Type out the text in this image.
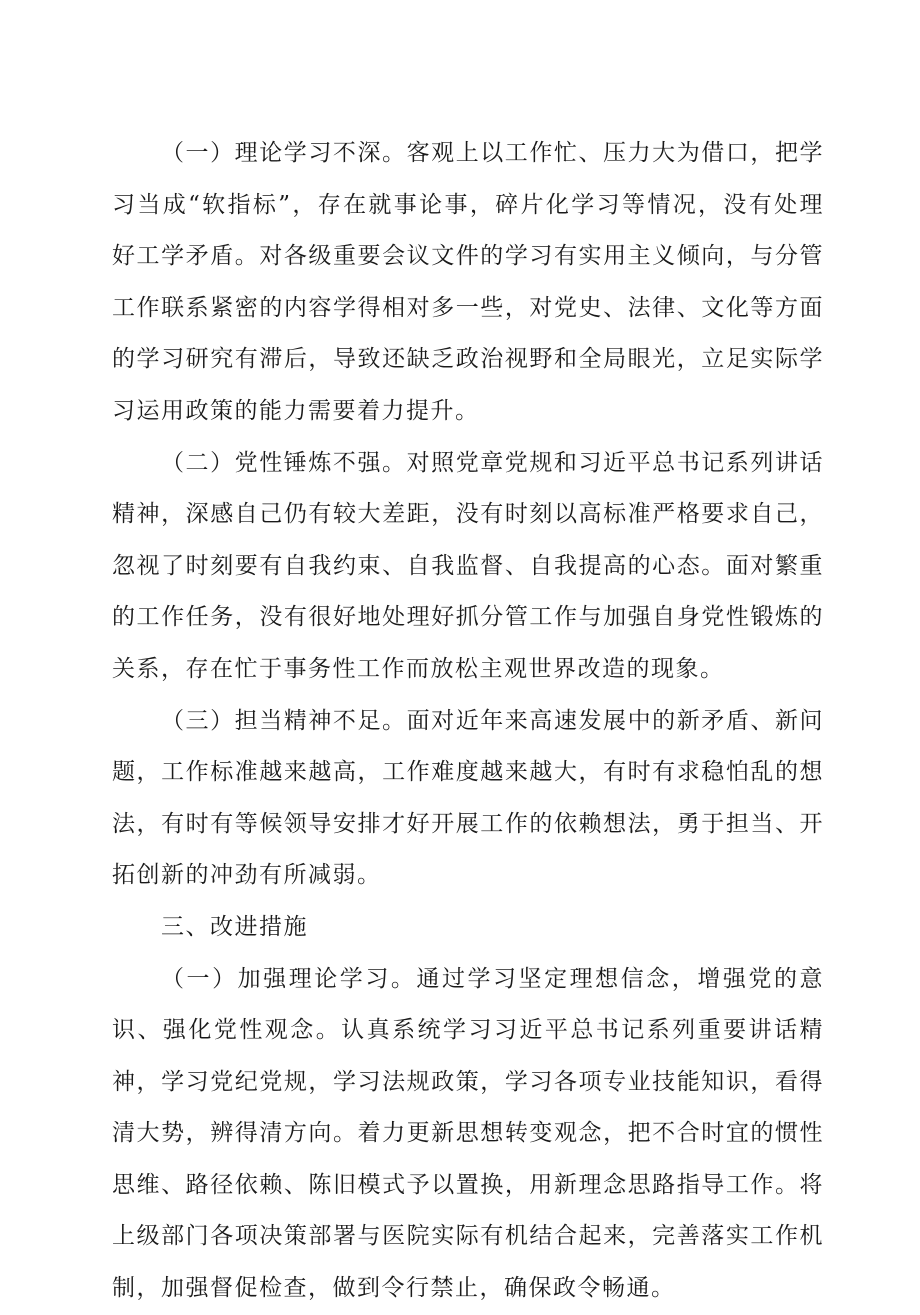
（一）理论学习不深。客观上以工作忙、压力大为借口，把学习当成“软指标”，存在就事论事，碎片化学习等情况，没有处理好工学矛盾。对各级重要会议文件的学习有实用主义倾向，与分管工作联系紧密的内容学得相对多一些，对党史、法律、文化等方面的学习研究有滞后，导致还缺乏政治视野和全局眼光，立足实际学习运用政策的能力需要着力提升。

（二）党性锤炼不强。对照党章党规和习近平总书记系列讲话精神，深感自己仍有较大差距，没有时刻以高标准严格要求自己，忽视了时刻要有自我约束、自我监督、自我提高的心态。面对繁重的工作任务，没有很好地处理好抓分管工作与加强自身党性锻炼的关系，存在忙于事务性工作而放松主观世界改造的现象。

（三）担当精神不足。面对近年来高速发展中的新矛盾、新问题，工作标准越来越高，工作难度越来越大，有时有求稳怕乱的想法，有时有等候领导安排才好开展工作的依赖想法，勇于担当、开拓创新的冲劲有所减弱。

三、改进措施

（一）加强理论学习。通过学习坚定理想信念，增强党的意识、强化党性观念。认真系统学习习近平总书记系列重要讲话精神，学习党纪党规，学习法规政策，学习各项专业技能知识，看得清大势，辨得清方向。着力更新思想转变观念，把不合时宜的惯性思维、路径依赖、陈旧模式予以置换，用新理念思路指导工作。将上级部门各项决策部署与医院实际有机结合起来，完善落实工作机制，加强督促检查，做到令行禁止，确保政令畅通。
